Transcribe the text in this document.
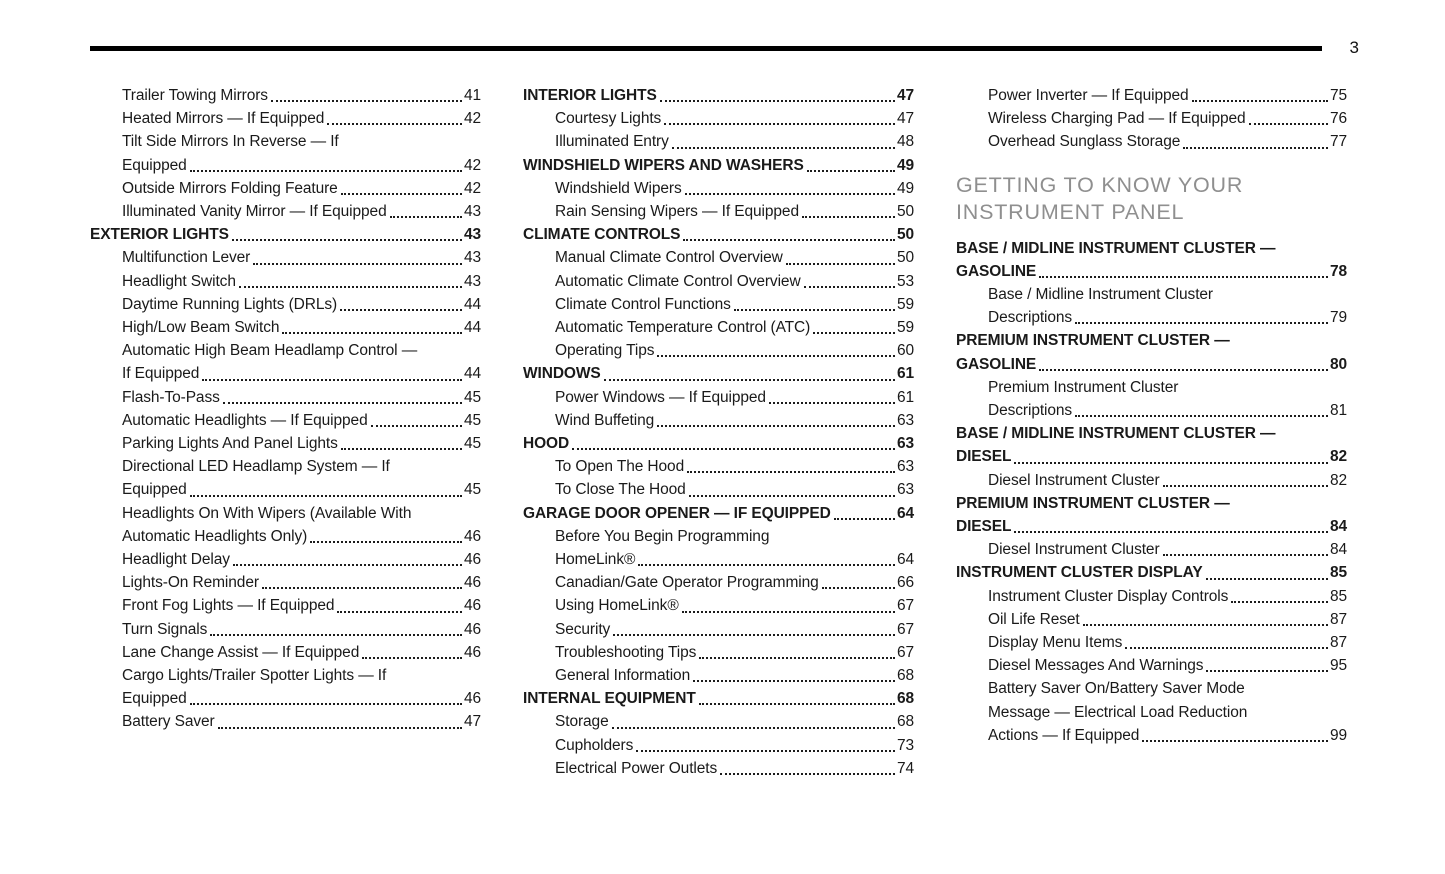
3
Trailer Towing Mirrors	41
Heated Mirrors — If Equipped	42
Tilt Side Mirrors In Reverse — If
Equipped	42
Outside Mirrors Folding Feature	42
Illuminated Vanity Mirror — If Equipped	43
EXTERIOR LIGHTS	43
Multifunction Lever	43
Headlight Switch	43
Daytime Running Lights (DRLs)	44
High/Low Beam Switch	44
Automatic High Beam Headlamp Control —
If Equipped	44
Flash-To-Pass	45
Automatic Headlights — If Equipped	45
Parking Lights And Panel Lights	45
Directional LED Headlamp System — If
Equipped	45
Headlights On With Wipers (Available With
Automatic Headlights Only)	46
Headlight Delay	46
Lights-On Reminder	46
Front Fog Lights — If Equipped	46
Turn Signals	46
Lane Change Assist — If Equipped	46
Cargo Lights/Trailer Spotter Lights — If
Equipped	46
Battery Saver	47
INTERIOR LIGHTS	47
Courtesy Lights	47
Illuminated Entry	48
WINDSHIELD WIPERS AND WASHERS	49
Windshield Wipers	49
Rain Sensing Wipers — If Equipped	50
CLIMATE CONTROLS	50
Manual Climate Control Overview	50
Automatic Climate Control Overview	53
Climate Control Functions	59
Automatic Temperature Control (ATC)	59
Operating Tips	60
WINDOWS	61
Power Windows — If Equipped	61
Wind Buffeting	63
HOOD	63
To Open The Hood	63
To Close The Hood	63
GARAGE DOOR OPENER — IF EQUIPPED	64
Before You Begin Programming
HomeLink®	64
Canadian/Gate Operator Programming	66
Using HomeLink®	67
Security	67
Troubleshooting Tips	67
General Information	68
INTERNAL EQUIPMENT	68
Storage	68
Cupholders	73
Electrical Power Outlets	74
Power Inverter — If Equipped	75
Wireless Charging Pad — If Equipped	76
Overhead Sunglass Storage	77
GETTING TO KNOW YOUR
INSTRUMENT PANEL
BASE / MIDLINE INSTRUMENT CLUSTER —
GASOLINE	78
Base / Midline Instrument Cluster
Descriptions	79
PREMIUM INSTRUMENT CLUSTER —
GASOLINE	80
Premium Instrument Cluster
Descriptions	81
BASE / MIDLINE INSTRUMENT CLUSTER —
DIESEL	82
Diesel Instrument Cluster	82
PREMIUM INSTRUMENT CLUSTER —
DIESEL	84
Diesel Instrument Cluster	84
INSTRUMENT CLUSTER DISPLAY	85
Instrument Cluster Display Controls	85
Oil Life Reset	87
Display Menu Items	87
Diesel Messages And Warnings	95
Battery Saver On/Battery Saver Mode
Message — Electrical Load Reduction
Actions — If Equipped	99
